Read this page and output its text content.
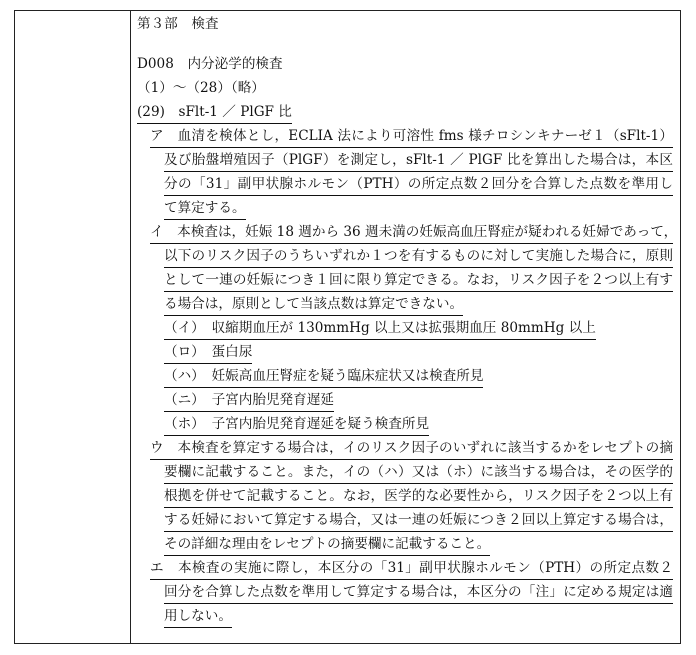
第３部　検査
D008　内分泌学的検査
（1）～（28）（略）
(29)　sFlt-1 ／ PlGF 比
ア　血清を検体とし，ECLIA 法により可溶性 fms 様チロシンキナーゼ１（sFlt-1）
及び胎盤増殖因子（PlGF）を測定し，sFlt-1 ／ PlGF 比を算出した場合は，本区
分の「31」副甲状腺ホルモン（PTH）の所定点数２回分を合算した点数を準用し
て算定する。
イ　本検査は，妊娠 18 週から 36 週未満の妊娠高血圧腎症が疑われる妊婦であって，
以下のリスク因子のうちいずれか１つを有するものに対して実施した場合に，原則
として一連の妊娠につき１回に限り算定できる。なお，リスク因子を２つ以上有す
る場合は，原則として当該点数は算定できない。
（イ）　収縮期血圧が 130mmHg 以上又は拡張期血圧 80mmHg 以上
（ロ）　蛋白尿
（ハ）　妊娠高血圧腎症を疑う臨床症状又は検査所見
（ニ）　子宮内胎児発育遅延
（ホ）　子宮内胎児発育遅延を疑う検査所見
ウ　本検査を算定する場合は，イのリスク因子のいずれに該当するかをレセプトの摘
要欄に記載すること。また，イの（ハ）又は（ホ）に該当する場合は，その医学的
根拠を併せて記載すること。なお，医学的な必要性から，リスク因子を２つ以上有
する妊婦において算定する場合，又は一連の妊娠につき２回以上算定する場合は，
その詳細な理由をレセプトの摘要欄に記載すること。
エ　本検査の実施に際し，本区分の「31」副甲状腺ホルモン（PTH）の所定点数２
回分を合算した点数を準用して算定する場合は，本区分の「注」に定める規定は適
用しない。
